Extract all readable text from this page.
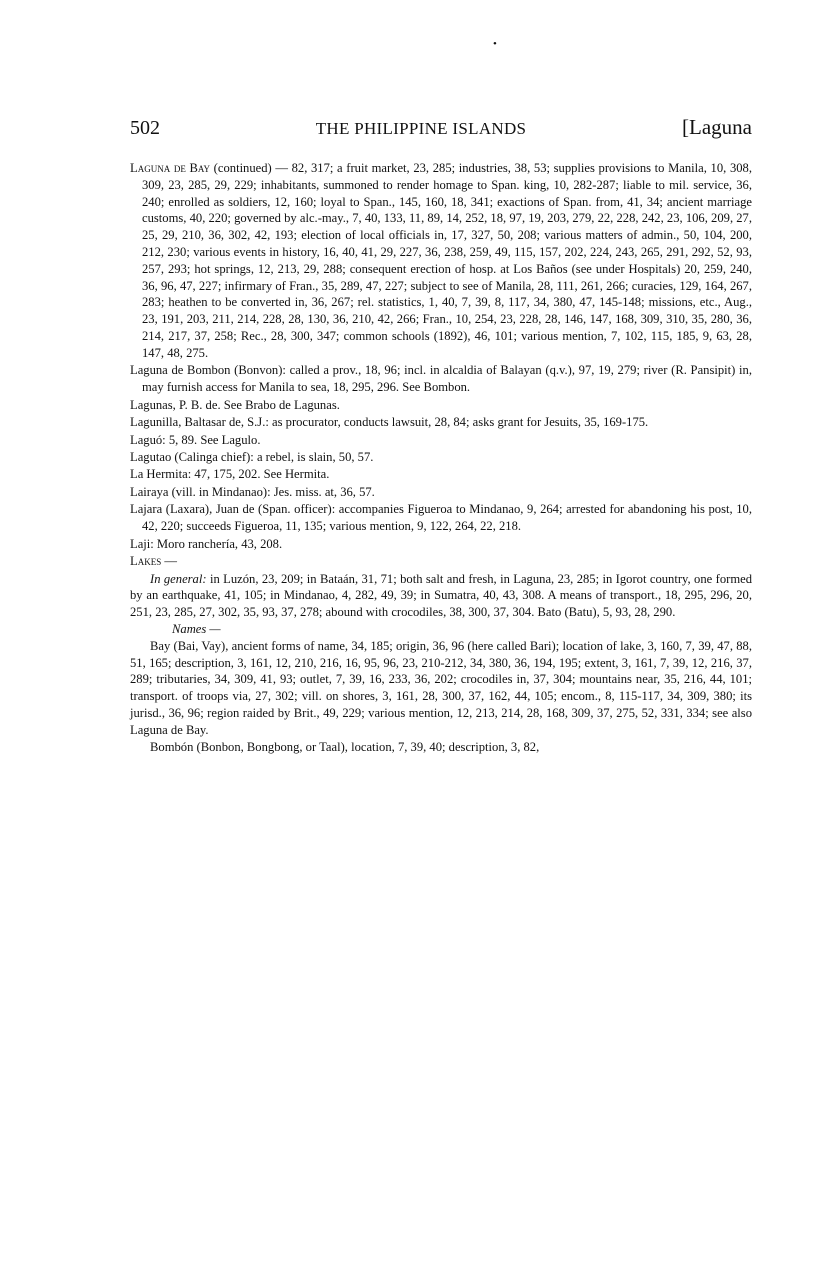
•
502	THE PHILIPPINE ISLANDS	[Laguna

Laguna de Bay (continued) — 82, 317; a fruit market, 23, 285; industries, 38, 53; supplies provisions to Manila, 10, 308, 309, 23, 285, 29, 229; inhabitants, summoned to render homage to Span. king, 10, 282-287; liable to mil. service, 36, 240; enrolled as soldiers, 12, 160; loyal to Span., 145, 160, 18, 341; exactions of Span. from, 41, 34; ancient marriage customs, 40, 220; governed by alc.-may., 7, 40, 133, 11, 89, 14, 252, 18, 97, 19, 203, 279, 22, 228, 242, 23, 106, 209, 27, 25, 29, 210, 36, 302, 42, 193; election of local officials in, 17, 327, 50, 208; various matters of admin., 50, 104, 200, 212, 230; various events in history, 16, 40, 41, 29, 227, 36, 238, 259, 49, 115, 157, 202, 224, 243, 265, 291, 292, 52, 93, 257, 293; hot springs, 12, 213, 29, 288; consequent erection of hosp. at Los Baños (see under Hospitals) 20, 259, 240, 36, 96, 47, 227; infirmary of Fran., 35, 289, 47, 227; subject to see of Manila, 28, 111, 261, 266; curacies, 129, 164, 267, 283; heathen to be converted in, 36, 267; rel. statistics, 1, 40, 7, 39, 8, 117, 34, 380, 47, 145-148; missions, etc., Aug., 23, 191, 203, 211, 214, 228, 28, 130, 36, 210, 42, 266; Fran., 10, 254, 23, 228, 28, 146, 147, 168, 309, 310, 35, 280, 36, 214, 217, 37, 258; Rec., 28, 300, 347; common schools (1892), 46, 101; various mention, 7, 102, 115, 185, 9, 63, 28, 147, 48, 275.

Laguna de Bombon (Bonvon): called a prov., 18, 96; incl. in alcaldia of Balayan (q.v.), 97, 19, 279; river (R. Pansipit) in, may furnish access for Manila to sea, 18, 295, 296. See Bombon.

Lagunas, P. B. de. See Brabo de Lagunas.

Lagunilla, Baltasar de, S.J.: as procurator, conducts lawsuit, 28, 84; asks grant for Jesuits, 35, 169-175.

Laguó: 5, 89. See Lagulo.

Lagutao (Calinga chief): a rebel, is slain, 50, 57.

La Hermita: 47, 175, 202. See Hermita.

Lairaya (vill. in Mindanao): Jes. miss. at, 36, 57.

Lajara (Laxara), Juan de (Span. officer): accompanies Figueroa to Mindanao, 9, 264; arrested for abandoning his post, 10, 42, 220; succeeds Figueroa, 11, 135; various mention, 9, 122, 264, 22, 218.

Laji: Moro ranchería, 43, 208.

Lakes —

In general: in Luzón, 23, 209; in Bataán, 31, 71; both salt and fresh, in Laguna, 23, 285; in Igorot country, one formed by an earthquake, 41, 105; in Mindanao, 4, 282, 49, 39; in Sumatra, 40, 43, 308. A means of transport., 18, 295, 296, 20, 251, 23, 285, 27, 302, 35, 93, 37, 278; abound with crocodiles, 38, 300, 37, 304. Bato (Batu), 5, 93, 28, 290.

Names —

Bay (Bai, Vay), ancient forms of name, 34, 185; origin, 36, 96 (here called Bari); location of lake, 3, 160, 7, 39, 47, 88, 51, 165; description, 3, 161, 12, 210, 216, 16, 95, 96, 23, 210-212, 34, 380, 36, 194, 195; extent, 3, 161, 7, 39, 12, 216, 37, 289; tributaries, 34, 309, 41, 93; outlet, 7, 39, 16, 233, 36, 202; crocodiles in, 37, 304; mountains near, 35, 216, 44, 101; transport. of troops via, 27, 302; vill. on shores, 3, 161, 28, 300, 37, 162, 44, 105; encom., 8, 115-117, 34, 309, 380; its jurisd., 36, 96; region raided by Brit., 49, 229; various mention, 12, 213, 214, 28, 168, 309, 37, 275, 52, 331, 334; see also Laguna de Bay.

Bombón (Bonbon, Bongbong, or Taal), location, 7, 39, 40; description, 3, 82,
